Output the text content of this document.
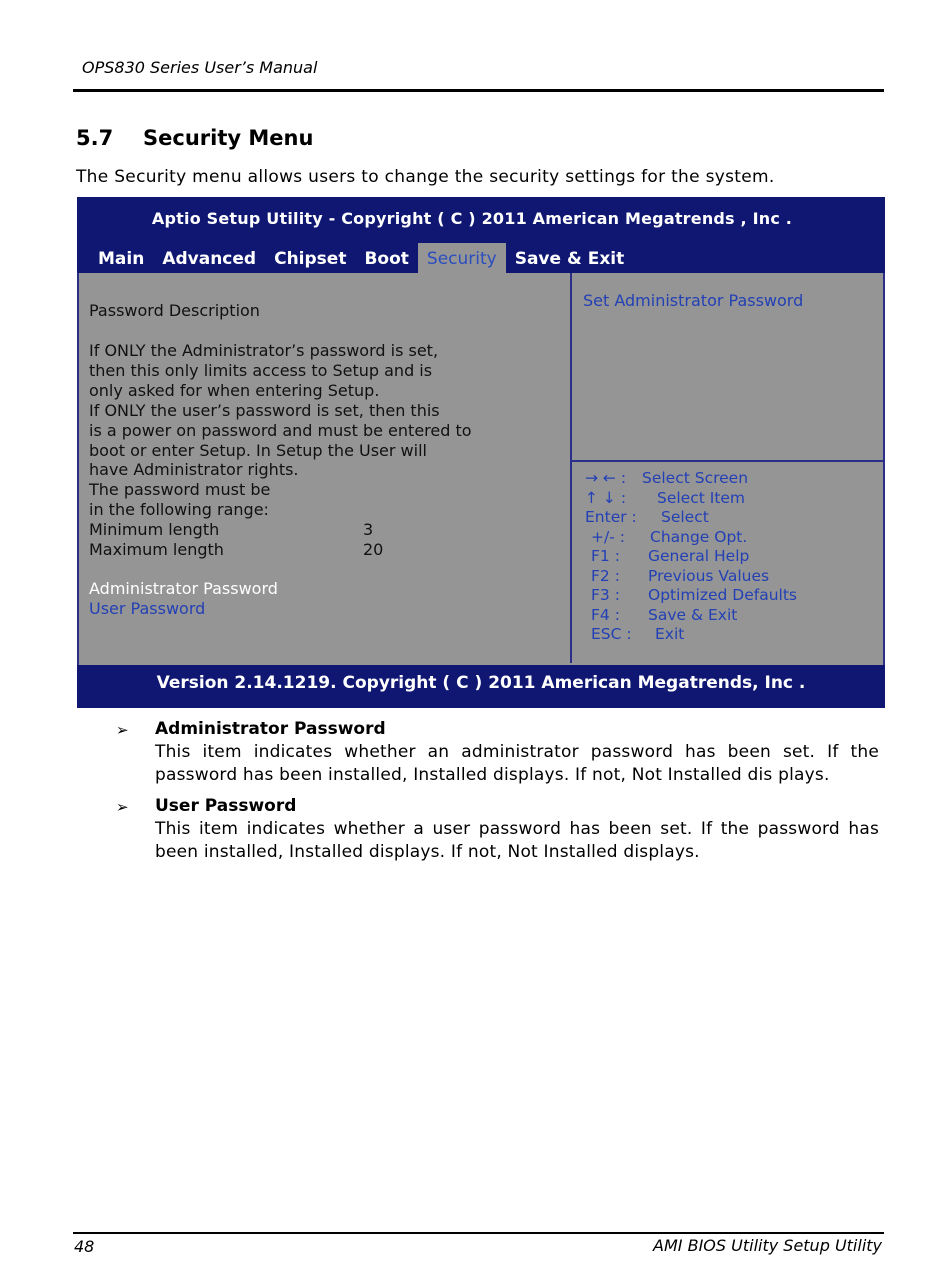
OPS830 Series User’s Manual
5.7 Security Menu
The Security menu allows users to change the security settings for the system.
Aptio Setup Utility - Copyright ( C ) 2011 American Megatrends , Inc .
Main	Advanced	Chipset	Boot	Security	Save & Exit
Password Description
If ONLY the Administrator’s password is set,
then this only limits access to Setup and is
only asked for when entering Setup.
If ONLY the user’s password is set, then this
is a power on password and must be entered to
boot or enter Setup. In Setup the User will
have Administrator rights.
The password must be
in the following range:
Minimum length	3
Maximum length	20
Administrator Password
User Password
Set Administrator Password
→ ← : Select Screen
↑ ↓ : Select Item
Enter : Select
+/- : Change Opt.
F1 : General Help
F2 : Previous Values
F3 : Optimized Defaults
F4 : Save & Exit
ESC : Exit
Version 2.14.1219. Copyright ( C ) 2011 American Megatrends, Inc .
➢ Administrator Password
This item indicates whether an administrator password has been set. If the password has been installed, Installed displays. If not, Not Installed dis plays.
➢ User Password
This item indicates whether a user password has been set. If the password has been installed, Installed displays. If not, Not Installed displays.
48	AMI BIOS Utility Setup Utility
